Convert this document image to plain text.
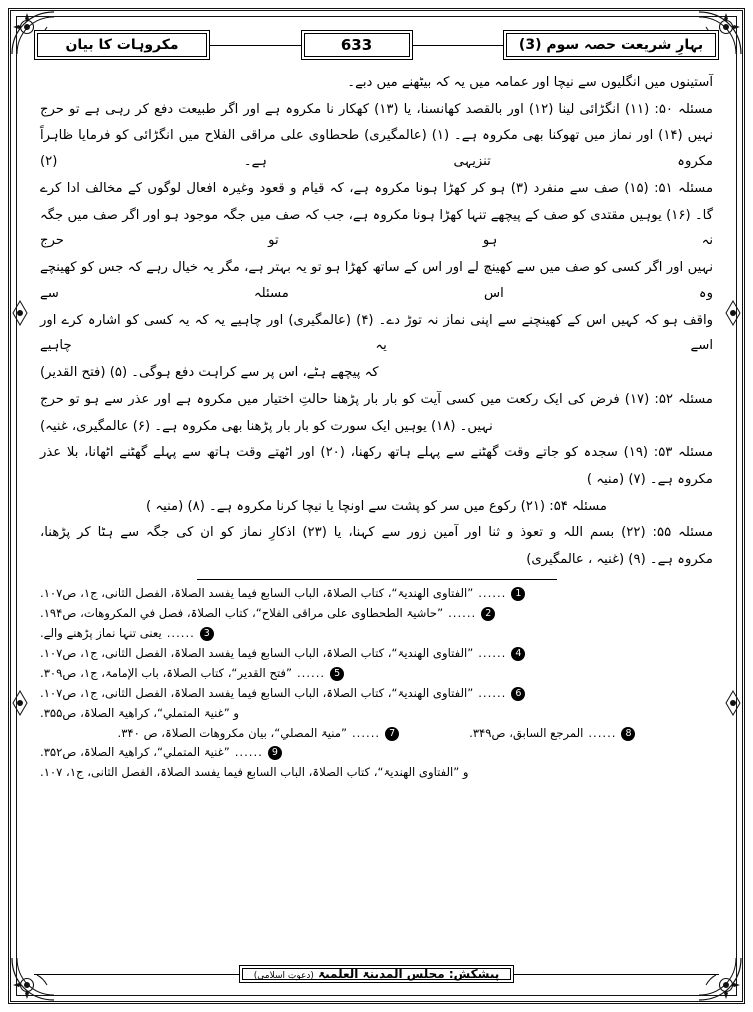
بہارِ شریعت حصہ سوم (3)
633
مکروہات کا بیان

آستینوں میں انگلیوں سے نیچا اور عمامہ میں یہ کہ بیٹھنے میں دبے۔

مسئلہ ۵۰: (۱۱) انگڑائی لینا (۱۲) اور بالقصد کھانسنا، یا (۱۳) کھکار نا مکروہ ہے اور اگر طبیعت دفع کر رہی ہے تو حرج

نہیں (۱۴) اور نماز میں تھوکنا بھی مکروہ ہے۔ (۱) (عالمگیری) طحطاوی علی مراقی الفلاح میں انگڑائی کو فرمایا ظاہراً مکروہ تنزیہی ہے۔ (۲)

مسئلہ ۵۱: (۱۵) صف سے منفرد (۳) ہو کر کھڑا ہونا مکروہ ہے، کہ قیام و قعود وغیرہ افعال لوگوں کے مخالف ادا کرے

گا۔ (۱۶) یوہیں مقتدی کو صف کے پیچھے تنہا کھڑا ہونا مکروہ ہے، جب کہ صف میں جگہ موجود ہو اور اگر صف میں جگہ نہ ہو تو حرج

نہیں اور اگر کسی کو صف میں سے کھینچ لے اور اس کے ساتھ کھڑا ہو تو یہ بہتر ہے، مگر یہ خیال رہے کہ جس کو کھینچے وہ اس مسئلہ سے

واقف ہو کہ کہیں اس کے کھینچنے سے اپنی نماز نہ توڑ دے۔ (۴) (عالمگیری) اور چاہیے یہ کہ یہ کسی کو اشارہ کرے اور اسے یہ چاہیے

کہ پیچھے ہٹے، اس پر سے کراہت دفع ہوگی۔ (۵) (فتح القدیر)

مسئلہ ۵۲: (۱۷) فرض کی ایک رکعت میں کسی آیت کو بار بار پڑھنا حالتِ اختیار میں مکروہ ہے اور عذر سے ہو تو حرج

نہیں۔ (۱۸) یوہیں ایک سورت کو بار بار پڑھنا بھی مکروہ ہے۔ (۶) عالمگیری، غنیہ)

مسئلہ ۵۳: (۱۹) سجدہ کو جاتے وقت گھٹنے سے پہلے ہاتھ رکھنا، (۲۰) اور اٹھتے وقت ہاتھ سے پہلے گھٹنے اٹھانا، بلا عذر

مکروہ ہے۔ (۷) (منیہ )

مسئلہ ۵۴: (۲۱) رکوع میں سر کو پشت سے اونچا یا نیچا کرنا مکروہ ہے۔ (۸) (منیہ )

مسئلہ ۵۵: (۲۲) بسم اللہ و تعوذ و ثنا اور آمین زور سے کہنا، یا (۲۳) اذکارِ نماز کو ان کی جگہ سے ہٹا کر پڑھنا،

مکروہ ہے۔ (۹) (غنیہ ، عالمگیری)

1
......
”الفتاوی الھندیۃ“، کتاب الصلاۃ، الباب السابع فیما یفسد الصلاۃ، الفصل الثانی، ج۱، ص۱۰۷.
2
......
”حاشیۃ الطحطاوی علی مراقی الفلاح“، کتاب الصلاۃ، فصل في المکروھات، ص۱۹۴.
3
......
یعنی تنہا نماز پڑھنے والے.
4
......
”الفتاوی الھندیۃ“، کتاب الصلاۃ، الباب السابع فیما یفسد الصلاۃ، الفصل الثانی، ج۱، ص۱۰۷.
5
......
”فتح القدیر“، کتاب الصلاۃ، باب الإمامۃ، ج۱، ص۳۰۹.
6
......
”الفتاوی الھندیۃ“، کتاب الصلاۃ، الباب السابع فیما یفسد الصلاۃ، الفصل الثانی، ج۱، ص۱۰۷.
و ”غنیۃ المتملي“، کراھیۃ الصلاۃ، ص۳۵۵.
8
......
المرجع السابق، ص۳۴۹.
7
......
”منیۃ المصلي“، بیان مکروھات الصلاۃ، ص ۳۴۰.
9
......
”غنیۃ المتملي“، کراھیۃ الصلاۃ، ص۳۵۲.
و ”الفتاوی الھندیۃ“، کتاب الصلاۃ، الباب السابع فیما یفسد الصلاۃ، الفصل الثانی، ج۱، ۱۰۷.
پیشکش: مجلس المدینۃ العلمیۃ (دعوتِ اسلامی)
